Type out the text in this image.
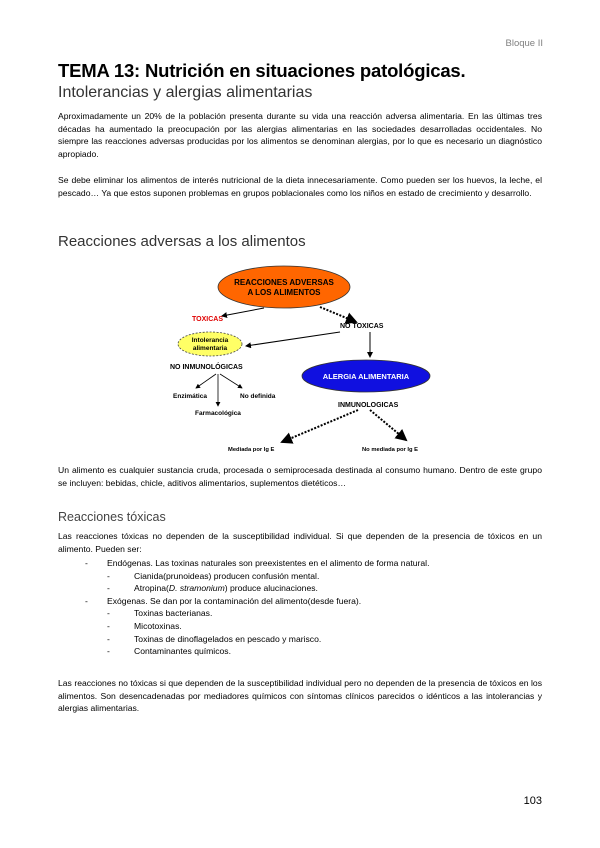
Bloque II
TEMA 13: Nutrición en situaciones patológicas.
Intolerancias y alergias alimentarias
Aproximadamente un 20% de la población presenta durante su vida una reacción adversa alimentaria. En las últimas tres décadas ha aumentado la preocupación por las alergias alimentarias en las sociedades desarrolladas occidentales. No siempre las reacciones adversas producidas por los alimentos se denominan alergias, por lo que es necesario un diagnóstico apropiado.
Se debe eliminar los alimentos de interés nutricional de la dieta innecesariamente. Como pueden ser los huevos, la leche, el pescado… Ya que estos suponen problemas en grupos poblacionales como los niños en estado de crecimiento y desarrollo.
Reacciones adversas a los alimentos
REACCIONES ADVERSAS
A LOS ALIMENTOS
TOXICAS
NO TOXICAS
Intolerancia
alimentaria
ALERGIA ALIMENTARIA
NO INMUNOLÓGICAS
Enzimática	No definida
Farmacológica
INMUNOLOGICAS
Mediada por Ig E	No mediada por Ig E
Un alimento es cualquier sustancia cruda, procesada o semiprocesada destinada al consumo humano. Dentro de este grupo se incluyen: bebidas, chicle, aditivos alimentarios, suplementos dietéticos…
Reacciones tóxicas
Las reacciones tóxicas no dependen de la susceptibilidad individual. Si que dependen de la presencia de tóxicos en un alimento. Pueden ser:
- Endógenas. Las toxinas naturales son preexistentes en el alimento de forma natural.
- Cianida(prunoideas) producen confusión mental.
- Atropina(D. stramonium) produce alucinaciones.
- Exógenas. Se dan por la contaminación del alimento(desde fuera).
- Toxinas bacterianas.
- Micotoxinas.
- Toxinas de dinoflagelados en pescado y marisco.
- Contaminantes químicos.
Las reacciones no tóxicas si que dependen de la susceptibilidad individual pero no dependen de la presencia de tóxicos en los alimentos. Son desencadenadas por mediadores químicos con síntomas clínicos parecidos o idénticos a las intolerancias y alergias alimentarias.
103
